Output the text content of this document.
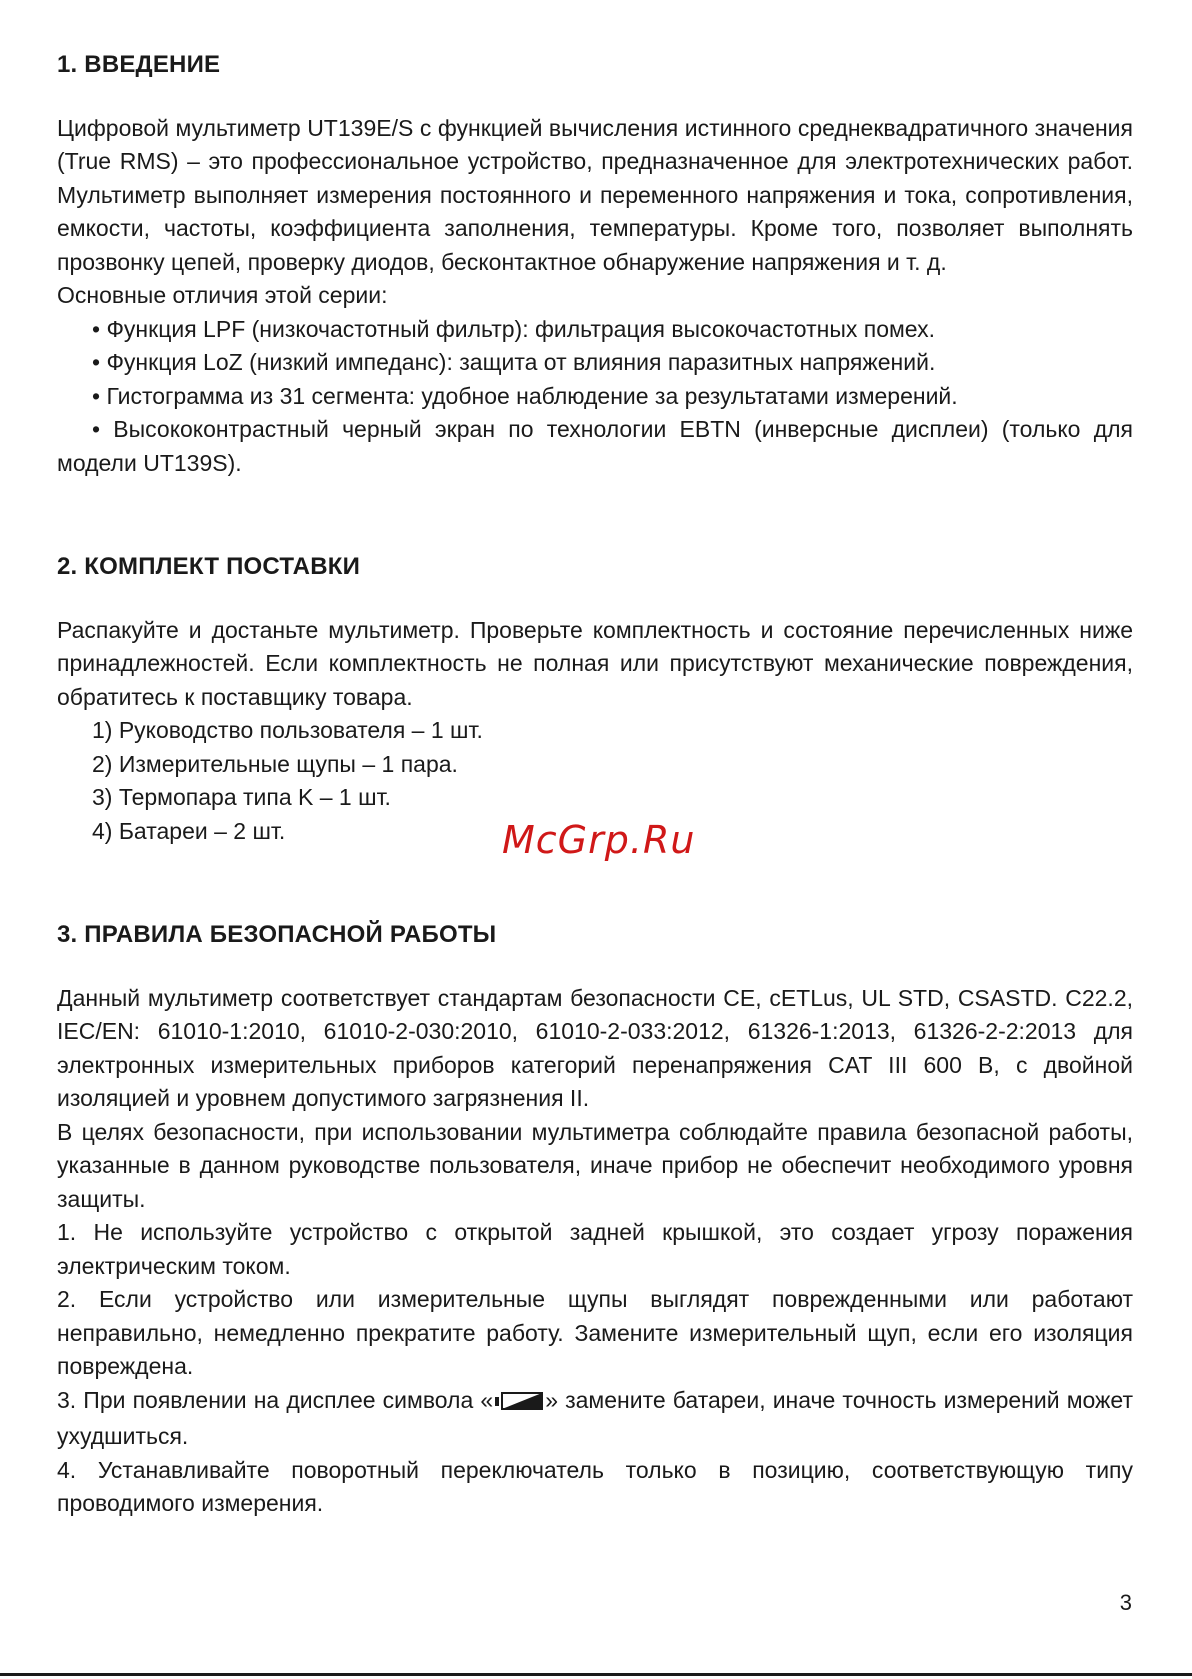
1. ВВЕДЕНИЕ

Цифровой мультиметр UT139E/S с функцией вычисления истинного среднеквадратичного значения (True RMS) – это профессиональное устройство, предназначенное для электротехнических работ. Мультиметр выполняет измерения постоянного и переменного напряжения и тока, сопротивления, емкости, частоты, коэффициента заполнения, температуры. Кроме того, позволяет выполнять прозвонку цепей, проверку диодов, бесконтактное обнаружение напряжения и т. д.

Основные отличия этой серии:

• Функция LPF (низкочастотный фильтр): фильтрация высокочастотных помех.
• Функция LoZ (низкий импеданс): защита от влияния паразитных напряжений.
• Гистограмма из 31 сегмента: удобное наблюдение за результатами измерений.
• Высококонтрастный черный экран по технологии EBTN (инверсные дисплеи) (только для модели UT139S).
2. КОМПЛЕКТ ПОСТАВКИ

Распакуйте и достаньте мультиметр. Проверьте комплектность и состояние перечисленных ниже принадлежностей. Если комплектность не полная или присутствуют механические повреждения, обратитесь к поставщику товара.

1) Руководство пользователя – 1 шт.
2) Измерительные щупы – 1 пара.
3) Термопара типа K – 1 шт.
4) Батареи – 2 шт.
3. ПРАВИЛА БЕЗОПАСНОЙ РАБОТЫ

Данный мультиметр соответствует стандартам безопасности CE, cETLus, UL STD, CSASTD. C22.2, IEC/EN: 61010-1:2010, 61010-2-030:2010, 61010-2-033:2012, 61326-1:2013, 61326-2-2:2013 для электронных измерительных приборов категорий перенапряжения CAT III 600 В, с двойной изоляцией и уровнем допустимого загрязнения II.

В целях безопасности, при использовании мультиметра соблюдайте правила безопасной работы, указанные в данном руководстве пользователя, иначе прибор не обеспечит необходимого уровня защиты.

1. Не используйте устройство с открытой задней крышкой, это создает угрозу поражения электрическим током.

2. Если устройство или измерительные щупы выглядят поврежденными или работают неправильно, немедленно прекратите работу. Замените измерительный щуп, если его изоляция повреждена.

3. При появлении на дисплее символа « » замените батареи, иначе точность измерений может ухудшиться.

4. Устанавливайте поворотный переключатель только в позицию, соответствующую типу проводимого измерения.

McGrp.Ru
3
